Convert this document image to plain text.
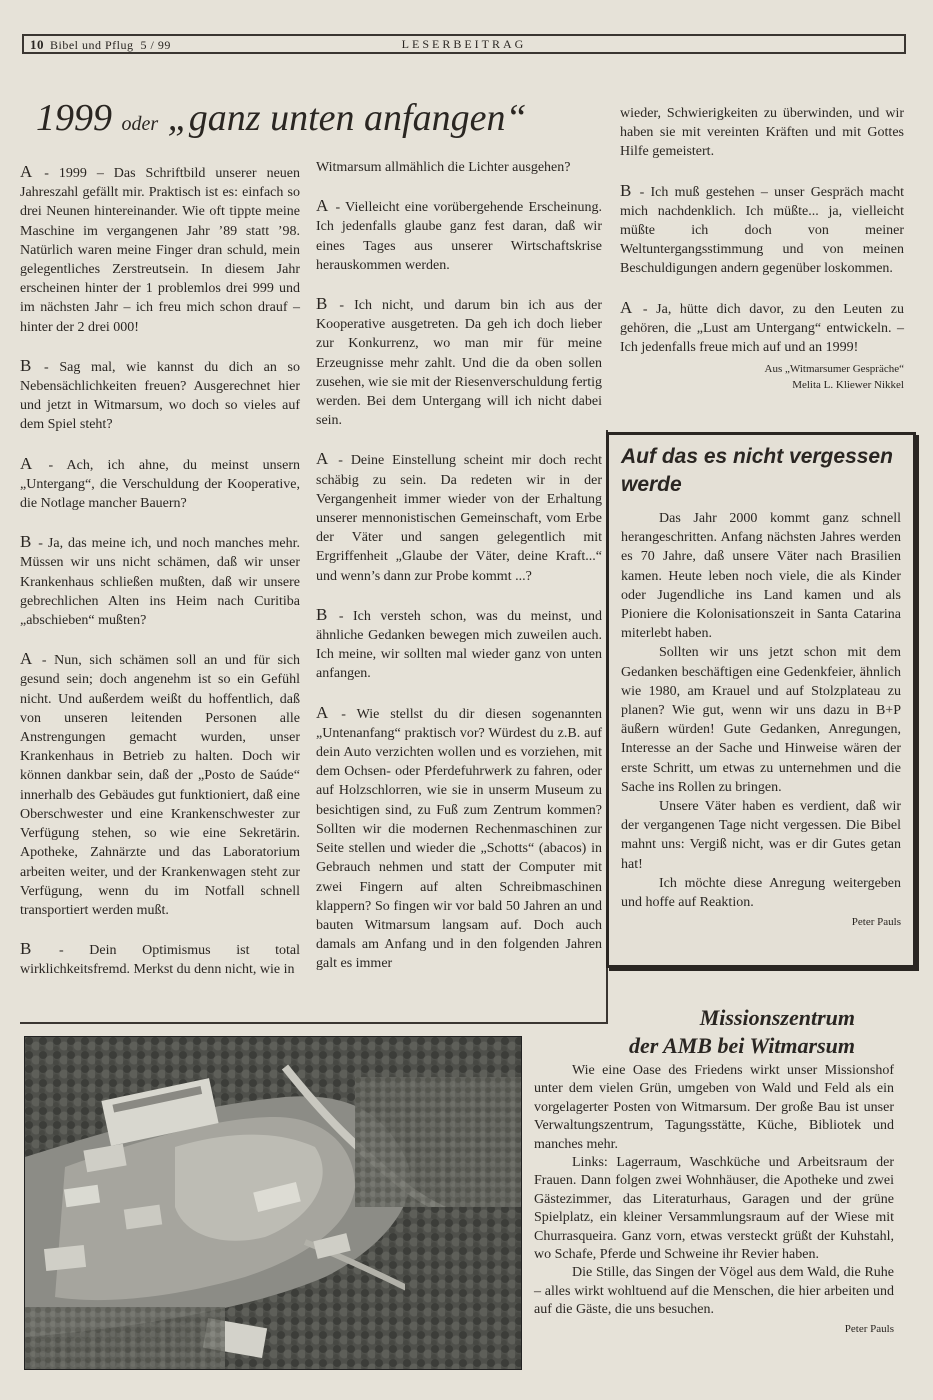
10 Bibel und Pflug 5 / 99	LESERBEITRAG
1999 oder „ganz unten anfangen“

A - 1999 – Das Schriftbild unserer neuen Jahreszahl gefällt mir. Praktisch ist es: einfach so drei Neunen hintereinander. Wie oft tippte meine Maschine im vergangenen Jahr ’89 statt ’98. Natürlich waren meine Finger dran schuld, mein gelegentliches Zerstreutsein. In diesem Jahr erscheinen hinter der 1 problemlos drei 999 und im nächsten Jahr – ich freu mich schon drauf – hinter der 2 drei 000!

B - Sag mal, wie kannst du dich an so Nebensächlichkeiten freuen? Ausgerechnet hier und jetzt in Witmarsum, wo doch so vieles auf dem Spiel steht?

A - Ach, ich ahne, du meinst unsern „Untergang“, die Verschuldung der Kooperative, die Notlage mancher Bauern?

B - Ja, das meine ich, und noch manches mehr. Müssen wir uns nicht schämen, daß wir unser Krankenhaus schließen mußten, daß wir unsere gebrechlichen Alten ins Heim nach Curitiba „abschieben“ mußten?

A - Nun, sich schämen soll an und für sich gesund sein; doch angenehm ist so ein Gefühl nicht. Und außerdem weißt du hoffentlich, daß von unseren leitenden Personen alle Anstrengungen gemacht wurden, unser Krankenhaus in Betrieb zu halten. Doch wir können dankbar sein, daß der „Posto de Saúde“ innerhalb des Gebäudes gut funktioniert, daß eine Oberschwester und eine Krankenschwester zur Verfügung stehen, so wie eine Sekretärin. Apotheke, Zahnärzte und das Laboratorium arbeiten weiter, und der Krankenwagen steht zur Verfügung, wenn du im Notfall schnell transportiert werden mußt.

B - Dein Optimismus ist total wirklichkeitsfremd. Merkst du denn nicht, wie in

Witmarsum allmählich die Lichter ausgehen?

A - Vielleicht eine vorübergehende Erscheinung. Ich jedenfalls glaube ganz fest daran, daß wir eines Tages aus unserer Wirtschaftskrise herauskommen werden.

B - Ich nicht, und darum bin ich aus der Kooperative ausgetreten. Da geh ich doch lieber zur Konkurrenz, wo man mir für meine Erzeugnisse mehr zahlt. Und die da oben sollen zusehen, wie sie mit der Riesenverschuldung fertig werden. Bei dem Untergang will ich nicht dabei sein.

A - Deine Einstellung scheint mir doch recht schäbig zu sein. Da redeten wir in der Vergangenheit immer wieder von der Erhaltung unserer mennonistischen Gemeinschaft, vom Erbe der Väter und sangen gelegentlich mit Ergriffenheit „Glaube der Väter, deine Kraft...“ und wenn’s dann zur Probe kommt ...?

B - Ich versteh schon, was du meinst, und ähnliche Gedanken bewegen mich zuweilen auch. Ich meine, wir sollten mal wieder ganz von unten anfangen.

A - Wie stellst du dir diesen sogenannten „Untenanfang“ praktisch vor? Würdest du z.B. auf dein Auto verzichten wollen und es vorziehen, mit dem Ochsen- oder Pferdefuhrwerk zu fahren, oder auf Holzschlorren, wie sie in unserm Museum zu besichtigen sind, zu Fuß zum Zentrum kommen? Sollten wir die modernen Rechenmaschinen zur Seite stellen und wieder die „Schotts“ (abacos) in Gebrauch nehmen und statt der Computer mit zwei Fingern auf alten Schreibmaschinen klappern? So fingen wir vor bald 50 Jahren an und bauten Witmarsum langsam auf. Doch auch damals am Anfang und in den folgenden Jahren galt es immer

wieder, Schwierigkeiten zu überwinden, und wir haben sie mit vereinten Kräften und mit Gottes Hilfe gemeistert.

B - Ich muß gestehen – unser Gespräch macht mich nachdenklich. Ich müßte... ja, vielleicht müßte ich doch von meiner Weltuntergangsstimmung und von meinen Beschuldigungen andern gegenüber loskommen.

A - Ja, hütte dich davor, zu den Leuten zu gehören, die „Lust am Untergang“ entwickeln. – Ich jedenfalls freue mich auf und an 1999!

Aus „Witmarsumer Gespräche“
Melita L. Kliewer Nikkel
Auf das es nicht vergessen werde

Das Jahr 2000 kommt ganz schnell herangeschritten. Anfang nächsten Jahres werden es 70 Jahre, daß unsere Väter nach Brasilien kamen. Heute leben noch viele, die als Kinder oder Jugendliche ins Land kamen und als Pioniere die Kolonisationszeit in Santa Catarina miterlebt haben.

Sollten wir uns jetzt schon mit dem Gedanken beschäftigen eine Gedenkfeier, ähnlich wie 1980, am Krauel und auf Stolzplateau zu planen? Wie gut, wenn wir uns dazu in B+P äußern würden! Gute Gedanken, Anregungen, Interesse an der Sache und Hinweise wären der erste Schritt, um etwas zu unternehmen und die Sache ins Rollen zu bringen.

Unsere Väter haben es verdient, daß wir der vergangenen Tage nicht vergessen. Die Bibel mahnt uns: Vergiß nicht, was er dir Gutes getan hat!

Ich möchte diese Anregung weitergeben und hoffe auf Reaktion.

Peter Pauls
Missionszentrum
der AMB bei Witmarsum

Wie eine Oase des Friedens wirkt unser Missionshof unter dem vielen Grün, umgeben von Wald und Feld als ein vorgelagerter Posten von Witmarsum. Der große Bau ist unser Verwaltungszentrum, Tagungsstätte, Küche, Bibliotek und manches mehr.

Links: Lagerraum, Waschküche und Arbeitsraum der Frauen. Dann folgen zwei Wohnhäuser, die Apotheke und zwei Gästezimmer, das Literaturhaus, Garagen und der grüne Spielplatz, ein kleiner Versammlungsraum auf der Wiese mit Churrasqueira. Ganz vorn, etwas versteckt grüßt der Kuhstahl, wo Schafe, Pferde und Schweine ihr Revier haben.

Die Stille, das Singen der Vögel aus dem Wald, die Ruhe – alles wirkt wohltuend auf die Menschen, die hier arbeiten und auf die Gäste, die uns besuchen.

Peter Pauls
